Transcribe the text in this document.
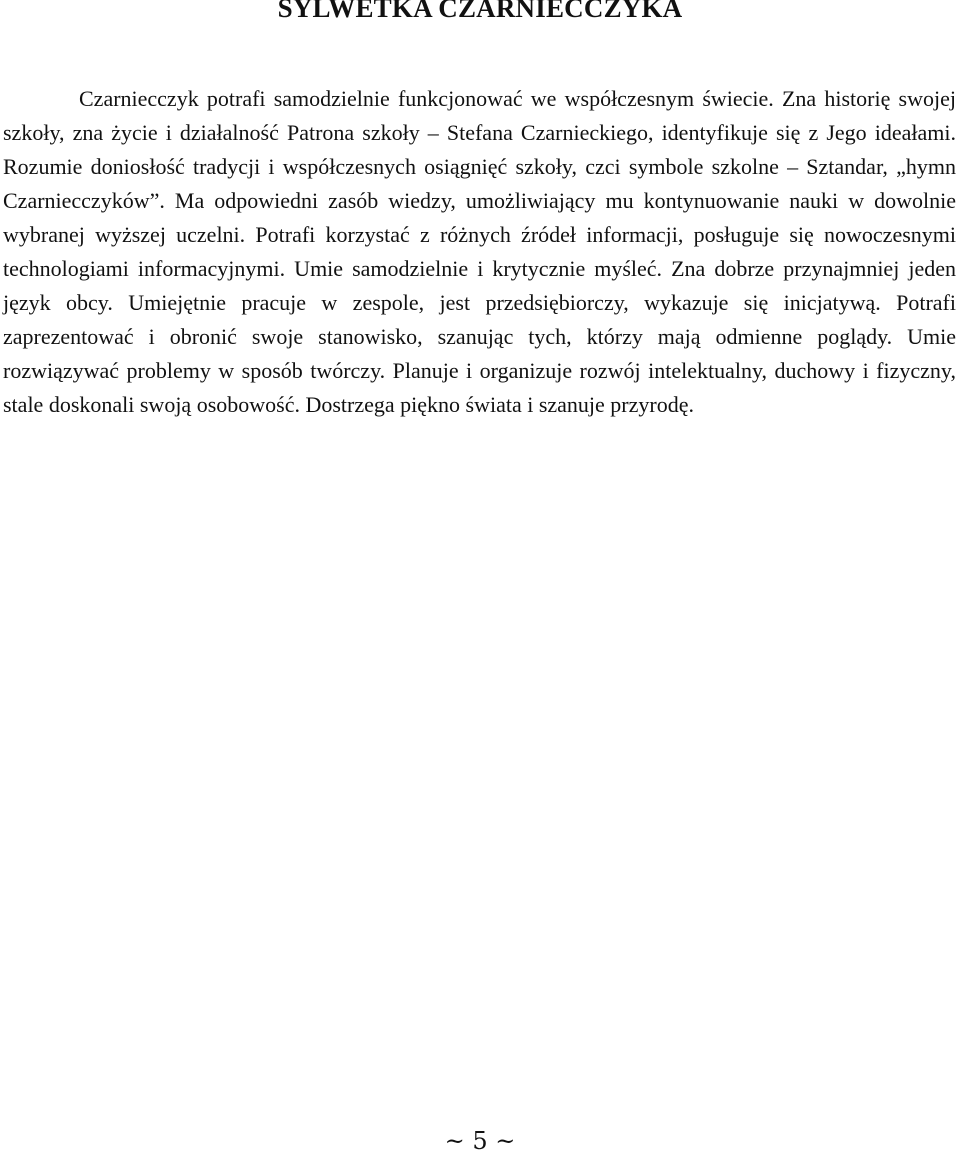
SYLWETKA CZARNIECCZYKA

Czarniecczyk potrafi samodzielnie funkcjonować we współczesnym świecie. Zna historię swojej szkoły, zna życie i działalność Patrona szkoły – Stefana Czarnieckiego, identyfikuje się z Jego ideałami. Rozumie doniosłość tradycji i współczesnych osiągnięć szkoły, czci symbole szkolne – Sztandar, „hymn Czarniecczyków”. Ma odpowiedni zasób wiedzy, umożliwiający mu kontynuowanie nauki w dowolnie wybranej wyższej uczelni. Potrafi korzystać z różnych źródeł informacji, posługuje się nowoczesnymi technologiami informacyjnymi. Umie samodzielnie i krytycznie myśleć. Zna dobrze przynajmniej jeden język obcy. Umiejętnie pracuje w zespole, jest przedsiębiorczy, wykazuje się inicjatywą. Potrafi zaprezentować i obronić swoje stanowisko, szanując tych, którzy mają odmienne poglądy. Umie rozwiązywać problemy w sposób twórczy. Planuje i organizuje rozwój intelektualny, duchowy i fizyczny, stale doskonali swoją osobowość. Dostrzega piękno świata i szanuje przyrodę.

~ 5 ~
